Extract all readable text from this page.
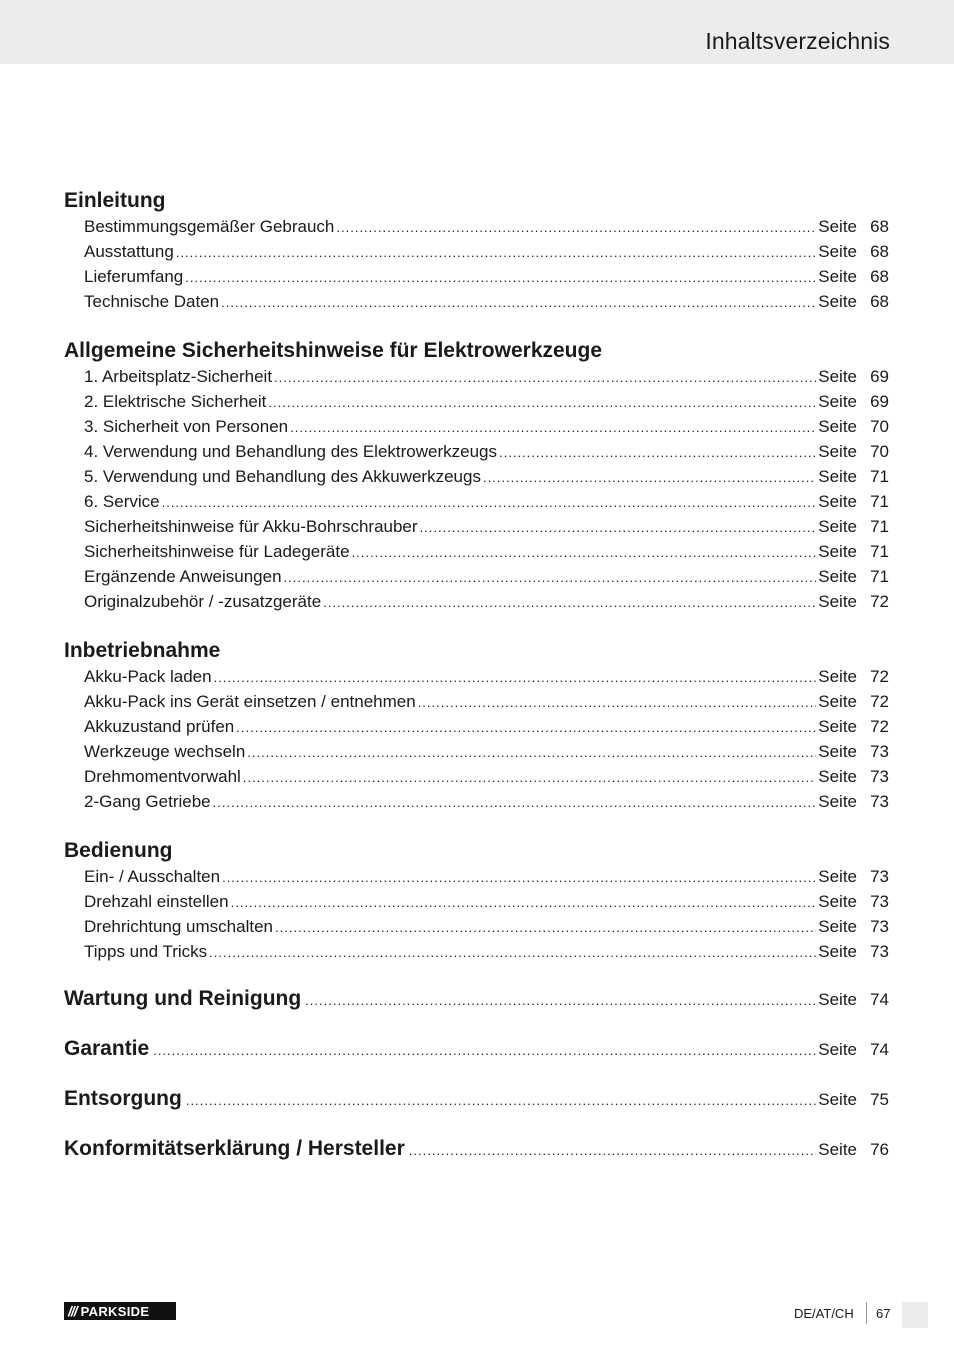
Inhaltsverzeichnis
Einleitung
Bestimmungsgemäßer Gebrauch .....	Seite 68
Ausstattung .....	Seite 68
Lieferumfang .....	Seite 68
Technische Daten .....	Seite 68
Allgemeine Sicherheitshinweise für Elektrowerkzeuge
1. Arbeitsplatz-Sicherheit .....	Seite 69
2. Elektrische Sicherheit .....	Seite 69
3. Sicherheit von Personen .....	Seite 70
4. Verwendung und Behandlung des Elektrowerkzeugs .....	Seite 70
5. Verwendung und Behandlung des Akkuwerkzeugs .....	Seite 71
6. Service .....	Seite 71
Sicherheitshinweise für Akku-Bohrschrauber .....	Seite 71
Sicherheitshinweise für Ladegeräte .....	Seite 71
Ergänzende Anweisungen .....	Seite 71
Originalzubehör / -zusatzgeräte .....	Seite 72
Inbetriebnahme
Akku-Pack laden .....	Seite 72
Akku-Pack ins Gerät einsetzen / entnehmen .....	Seite 72
Akkuzustand prüfen .....	Seite 72
Werkzeuge wechseln .....	Seite 73
Drehmomentvorwahl .....	Seite 73
2-Gang Getriebe .....	Seite 73
Bedienung
Ein- / Ausschalten .....	Seite 73
Drehzahl einstellen .....	Seite 73
Drehrichtung umschalten .....	Seite 73
Tipps und Tricks .....	Seite 73
Wartung und Reinigung .....	Seite 74
Garantie .....	Seite 74
Entsorgung .....	Seite 75
Konformitätserklärung / Hersteller .....	Seite 76
/// PARKSIDE	DE/AT/CH 67
